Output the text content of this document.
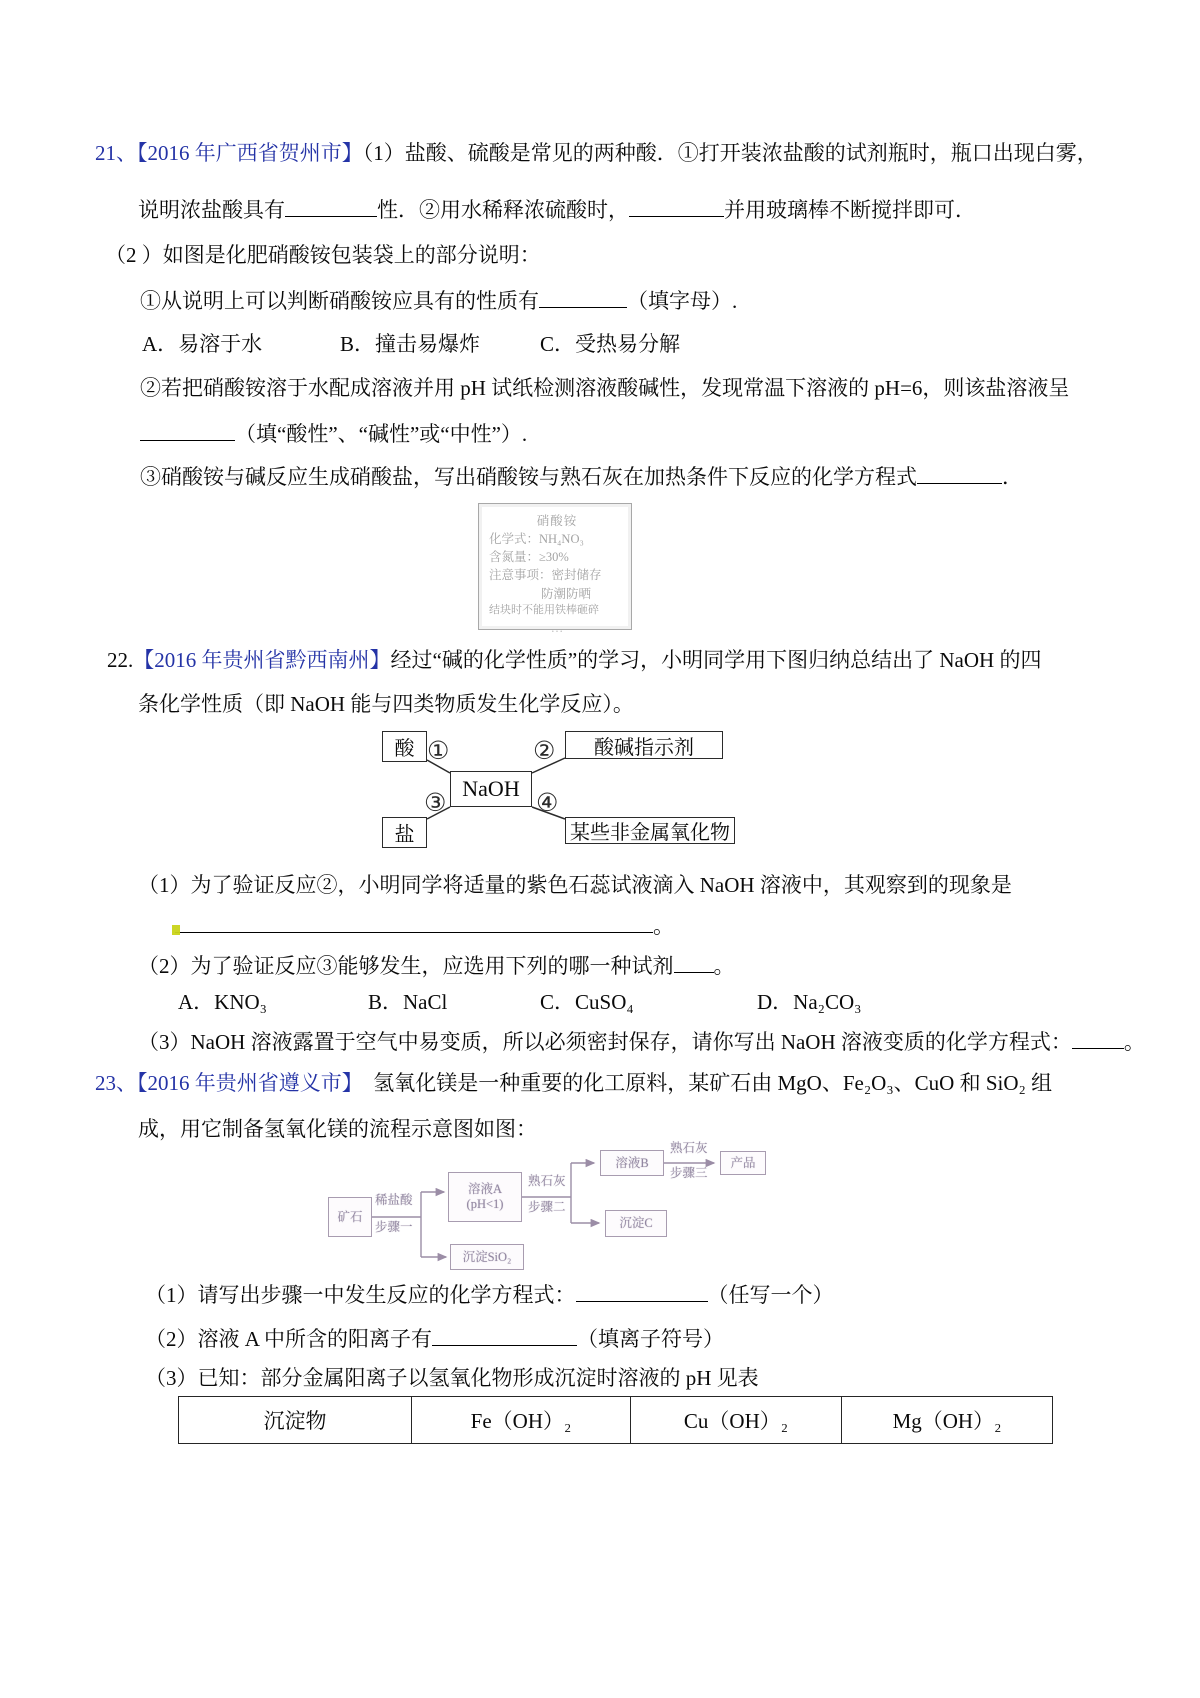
21、【2016 年广西省贺州市】（1）盐酸、硫酸是常见的两种酸．①打开装浓盐酸的试剂瓶时，瓶口出现白雾，
说明浓盐酸具有	性．②用水稀释浓硫酸时，	并用玻璃棒不断搅拌即可．
（2 ）如图是化肥硝酸铵包装袋上的部分说明：
①从说明上可以判断硝酸铵应具有的性质有	（填字母）.
A．易溶于水	B．撞击易爆炸	C．受热易分解
②若把硝酸铵溶于水配成溶液并用 pH 试纸检测溶液酸碱性，发现常温下溶液的 pH=6，则该盐溶液呈
（填“酸性”、“碱性”或“中性”）.
③硝酸铵与碱反应生成硝酸盐，写出硝酸铵与熟石灰在加热条件下反应的化学方程式	．
硝酸铵
化学式：NH₄NO₃
含氮量：≥30%
注意事项：密封储存
防潮防晒
结块时不能用铁棒砸碎
…
22.【2016 年贵州省黔西南州】经过“碱的化学性质”的学习，小明同学用下图归纳总结出了 NaOH 的四
条化学性质（即 NaOH 能与四类物质发生化学反应）。
酸 ①	②	酸碱指示剂
NaOH
③	④
盐	某些非金属氧化物
（1）为了验证反应②，小明同学将适量的紫色石蕊试液滴入 NaOH 溶液中，其观察到的现象是
。
（2）为了验证反应③能够发生，应选用下列的哪一种试剂 。
A．KNO₃	B．NaCl	C．CuSO₄	D．Na₂CO₃
（3）NaOH 溶液露置于空气中易变质，所以必须密封保存，请你写出 NaOH 溶液变质的化学方程式： 。
23、【2016 年贵州省遵义市】　氢氧化镁是一种重要的化工原料，某矿石由 MgO、Fe₂O₃、CuO 和 SiO₂ 组
成，用它制备氢氧化镁的流程示意图如图：
矿石
稀盐酸
步骤一
溶液A
(pH<1)
沉淀SiO₂
熟石灰
步骤二
溶液B
沉淀C
熟石灰
步骤三
产品
（1）请写出步骤一中发生反应的化学方程式：	（任写一个）
（2）溶液 A 中所含的阳离子有	（填离子符号）
（3）已知：部分金属阳离子以氢氧化物形成沉淀时溶液的 pH 见表
沉淀物	Fe（OH）₂	Cu（OH）₂	Mg（OH）₂
